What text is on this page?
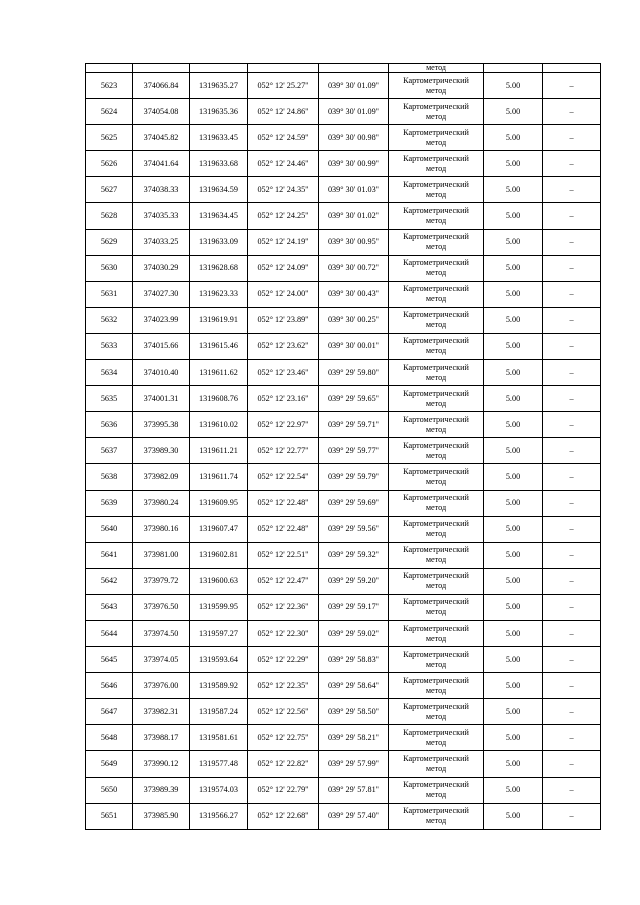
					метод		
5623	374066.84	1319635.27	052° 12' 25.27"	039° 30' 01.09"	Картометрический
метод	5.00	–
5624	374054.08	1319635.36	052° 12' 24.86"	039° 30' 01.09"	Картометрический
метод	5.00	–
5625	374045.82	1319633.45	052° 12' 24.59"	039° 30' 00.98"	Картометрический
метод	5.00	–
5626	374041.64	1319633.68	052° 12' 24.46"	039° 30' 00.99"	Картометрический
метод	5.00	–
5627	374038.33	1319634.59	052° 12' 24.35"	039° 30' 01.03"	Картометрический
метод	5.00	–
5628	374035.33	1319634.45	052° 12' 24.25"	039° 30' 01.02"	Картометрический
метод	5.00	–
5629	374033.25	1319633.09	052° 12' 24.19"	039° 30' 00.95"	Картометрический
метод	5.00	–
5630	374030.29	1319628.68	052° 12' 24.09"	039° 30' 00.72"	Картометрический
метод	5.00	–
5631	374027.30	1319623.33	052° 12' 24.00"	039° 30' 00.43"	Картометрический
метод	5.00	–
5632	374023.99	1319619.91	052° 12' 23.89"	039° 30' 00.25"	Картометрический
метод	5.00	–
5633	374015.66	1319615.46	052° 12' 23.62"	039° 30' 00.01"	Картометрический
метод	5.00	–
5634	374010.40	1319611.62	052° 12' 23.46"	039° 29' 59.80"	Картометрический
метод	5.00	–
5635	374001.31	1319608.76	052° 12' 23.16"	039° 29' 59.65"	Картометрический
метод	5.00	–
5636	373995.38	1319610.02	052° 12' 22.97"	039° 29' 59.71"	Картометрический
метод	5.00	–
5637	373989.30	1319611.21	052° 12' 22.77"	039° 29' 59.77"	Картометрический
метод	5.00	–
5638	373982.09	1319611.74	052° 12' 22.54"	039° 29' 59.79"	Картометрический
метод	5.00	–
5639	373980.24	1319609.95	052° 12' 22.48"	039° 29' 59.69"	Картометрический
метод	5.00	–
5640	373980.16	1319607.47	052° 12' 22.48"	039° 29' 59.56"	Картометрический
метод	5.00	–
5641	373981.00	1319602.81	052° 12' 22.51"	039° 29' 59.32"	Картометрический
метод	5.00	–
5642	373979.72	1319600.63	052° 12' 22.47"	039° 29' 59.20"	Картометрический
метод	5.00	–
5643	373976.50	1319599.95	052° 12' 22.36"	039° 29' 59.17"	Картометрический
метод	5.00	–
5644	373974.50	1319597.27	052° 12' 22.30"	039° 29' 59.02"	Картометрический
метод	5.00	–
5645	373974.05	1319593.64	052° 12' 22.29"	039° 29' 58.83"	Картометрический
метод	5.00	–
5646	373976.00	1319589.92	052° 12' 22.35"	039° 29' 58.64"	Картометрический
метод	5.00	–
5647	373982.31	1319587.24	052° 12' 22.56"	039° 29' 58.50"	Картометрический
метод	5.00	–
5648	373988.17	1319581.61	052° 12' 22.75"	039° 29' 58.21"	Картометрический
метод	5.00	–
5649	373990.12	1319577.48	052° 12' 22.82"	039° 29' 57.99"	Картометрический
метод	5.00	–
5650	373989.39	1319574.03	052° 12' 22.79"	039° 29' 57.81"	Картометрический
метод	5.00	–
5651	373985.90	1319566.27	052° 12' 22.68"	039° 29' 57.40"	Картометрический
метод	5.00	–
